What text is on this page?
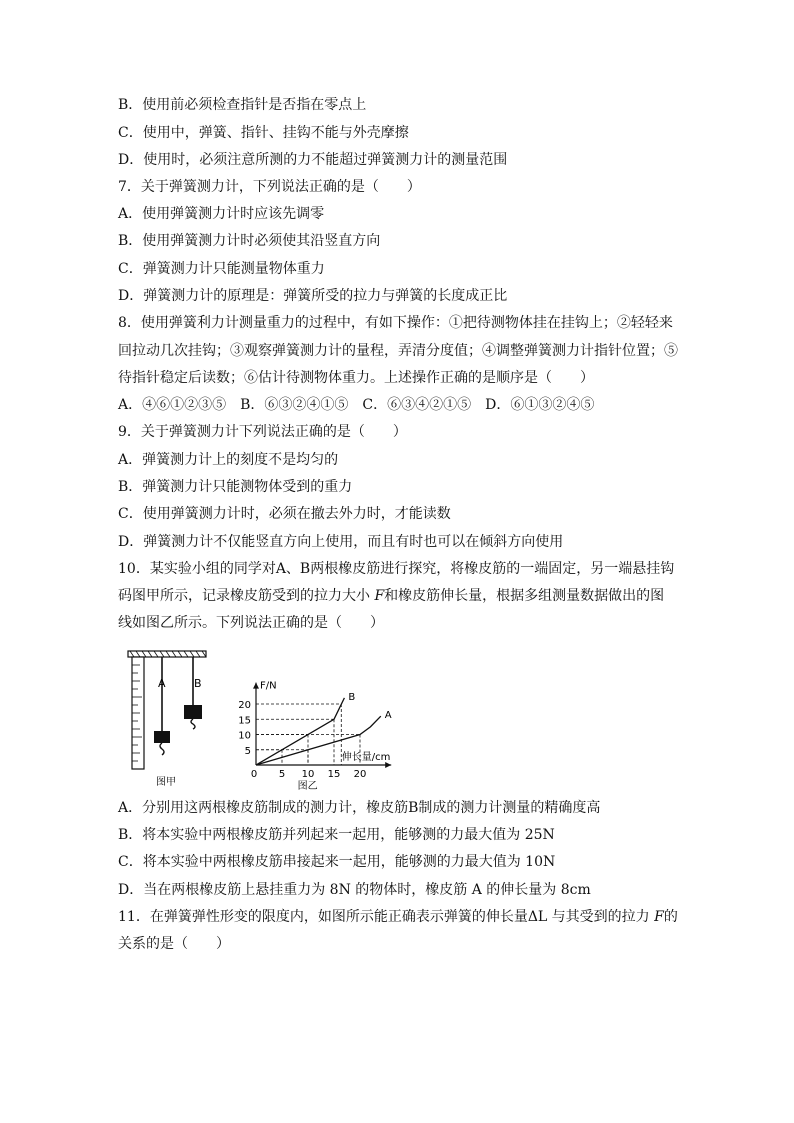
B．使用前必须检查指针是否指在零点上
C．使用中，弹簧、指针、挂钩不能与外壳摩擦
D．使用时，必须注意所测的力不能超过弹簧测力计的测量范围
7．关于弹簧测力计，下列说法正确的是（　　）
A．使用弹簧测力计时应该先调零
B．使用弹簧测力计时必须使其沿竖直方向
C．弹簧测力计只能测量物体重力
D．弹簧测力计的原理是：弹簧所受的拉力与弹簧的长度成正比
8．使用弹簧利力计测量重力的过程中，有如下操作：①把待测物体挂在挂钩上；②轻轻来
回拉动几次挂钩；③观察弹簧测力计的量程，弄清分度值；④调整弹簧测力计指针位置；⑤
待指针稳定后读数；⑥估计待测物体重力。上述操作正确的是顺序是（　　）
A．④⑥①②③⑤　B．⑥③②④①⑤　C．⑥③④②①⑤　D．⑥①③②④⑤
9．关于弹簧测力计下列说法正确的是（　　）
A．弹簧测力计上的刻度不是均匀的
B．弹簧测力计只能测物体受到的重力
C．使用弹簧测力计时，必须在撤去外力时，才能读数
D．弹簧测力计不仅能竖直方向上使用，而且有时也可以在倾斜方向使用
10．某实验小组的同学对A、B两根橡皮筋进行探究，将橡皮筋的一端固定，另一端悬挂钩
码图甲所示，记录橡皮筋受到的拉力大小 F和橡皮筋伸长量，根据多组测量数据做出的图
线如图乙所示。下列说法正确的是（　　）
A	B
图甲
F/N
伸长量/cm
0 5 10 15 20
5
10
15
20
A
B
图乙
A．分别用这两根橡皮筋制成的测力计，橡皮筋B制成的测力计测量的精确度高
B．将本实验中两根橡皮筋并列起来一起用，能够测的力最大值为 25N
C．将本实验中两根橡皮筋串接起来一起用，能够测的力最大值为 10N
D．当在两根橡皮筋上悬挂重力为 8N 的物体时，橡皮筋 A 的伸长量为 8cm
11．在弹簧弹性形变的限度内，如图所示能正确表示弹簧的伸长量ΔL 与其受到的拉力 F的
关系的是（　　）
